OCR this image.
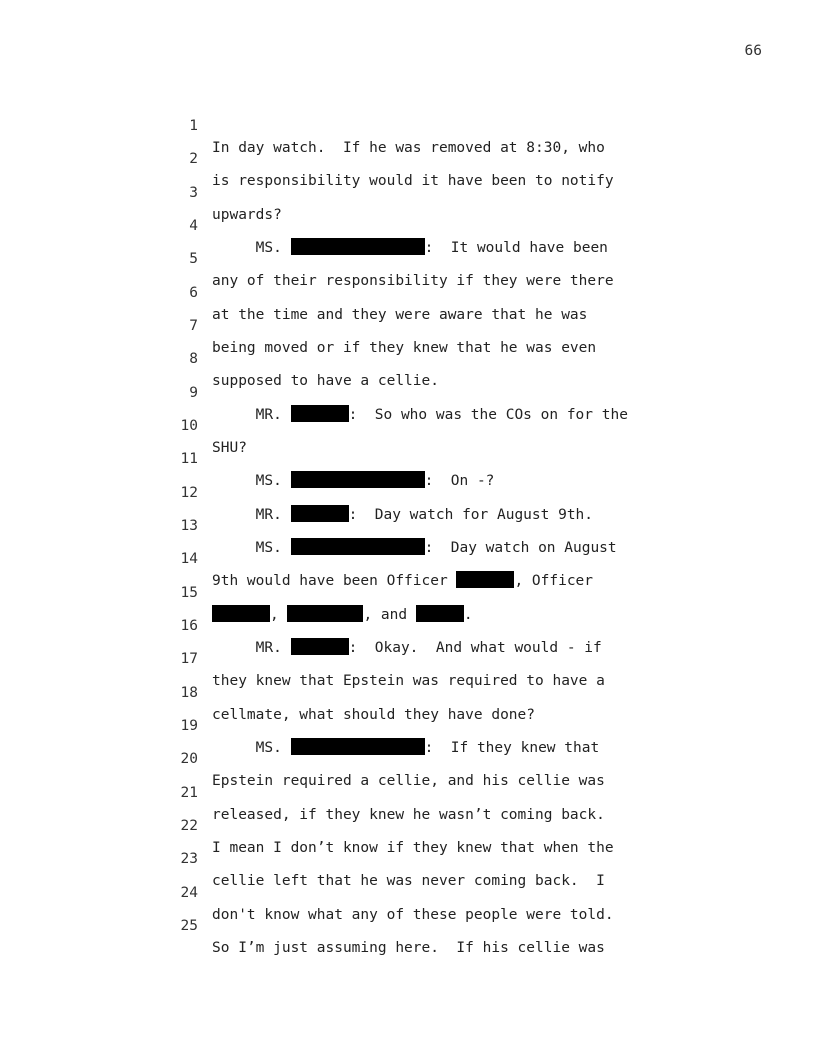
66

1

In day watch.  If he was removed at 8:30, who

2

is responsibility would it have been to notify

3

upwards?

4

MS.	:  It would have been

5

any of their responsibility if they were there

6

at the time and they were aware that he was

7

being moved or if they knew that he was even

8

supposed to have a cellie.

9

MR.	:  So who was the COs on for the

10

SHU?

11

MS.	:  On -?

12

MR.	:  Day watch for August 9th.

13

MS.	:  Day watch on August

14

9th would have been Officer	, Officer

15

,	, and	.

16

MR.	:  Okay.  And what would - if

17

they knew that Epstein was required to have a

18

cellmate, what should they have done?

19

MS.	:  If they knew that

20

Epstein required a cellie, and his cellie was

21

released, if they knew he wasn’t coming back.

22

I mean I don’t know if they knew that when the

23

cellie left that he was never coming back.  I

24

don't know what any of these people were told.

25

So I’m just assuming here.  If his cellie was
